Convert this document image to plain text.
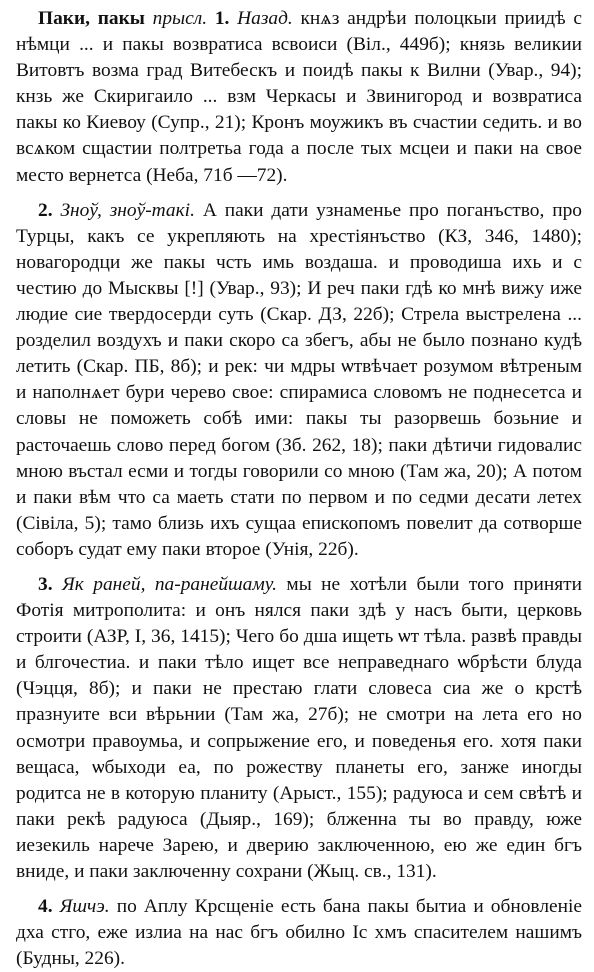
Паки, пакы прысл. 1. Назад. кнѧз андрѣи полоцкыи приидѣ с нѣмци ... и пакы возвратиса всвоиси (Віл., 449б); князь великии Витовтъ возма град Витебескъ и поидѣ пакы к Вилни (Увар., 94); кнзь же Скиригаило ... взм Черкасы и Звинигород и возвратиса пакы ко Киевоу (Супр., 21); Кронъ моужикъ въ счастии седить. и во всѧком сщастии полтретьа года а после тых мсцеи и паки на свое место вернетса (Неба, 71б —72).

2. Зноў, зноў-такі. А паки дати узнаменье про поганъство, про Турцы, какъ се укрепляють на хрестіянъство (КЗ, 346, 1480); новагородци же пакы чсть имь воздаша. и проводиша ихь и с честию до Мысквы [!] (Увар., 93); И реч паки гдѣ ко мнѣ вижу иже людие сие твердосерди суть (Скар. ДЗ, 22б); Стрела выстрелена ... розделил воздухъ и паки скоро са збегъ, абы не было познано кудѣ летить (Скар. ПБ, 8б); и рек: чи мдры ѡтвѣчает розумом вѣтреным и наполнѧет бури черево свое: спирамиса словомъ не поднесетса и словы не поможеть собѣ ими: пакы ты разорвешь бозьние и расточаешь слово перед богом (Зб. 262, 18); паки дѣтичи гидовалис мною въстал есми и тогды говорили со мною (Там жа, 20); А потом и паки вѣм что са маеть стати по первом и по седми десати летех (Сівіла, 5); тамо близь ихъ сущаа епископомъ повелит да сотворше соборъ судат ему паки второе (Унія, 22б).

3. Як раней, па-ранейшаму. мы не хотѣли были того приняти Фотія митрополита: и онъ нялся паки здѣ у насъ быти, церковь строити (АЗР, I, 36, 1415); Чего бо дша ищеть ѡт тѣла. развѣ правды и блгочестиа. и паки тѣло ищет все неправеднаго ѡбрѣсти блуда (Чэцця, 8б); и паки не престаю глати словеса сиа же о крстѣ празнуите вси вѣрьнии (Там жа, 27б); не смотри на лета его но осмотри правоумьа, и сопрыжение его, и поведенья его. хотя паки вещаса, ѡбыходи еа, по рожеству планеты его, занже иногды родитса не в которую планиту (Арыст., 155); радуюса и сем свѣтѣ и паки рекѣ радуюса (Дыяр., 169); блженна ты во правду, юже иезекиль нарече Зарею, и дверию заключенною, ею же един бгъ вниде, и паки заключенну сохрани (Жыц. св., 131).

4. Яшчэ. по Аплу Крсщеніе есть бана пакы бытиа и обновленіе дха стго, еже излиа на нас бгъ обилно Іс хмъ спасителем нашимъ (Будны, 226).
